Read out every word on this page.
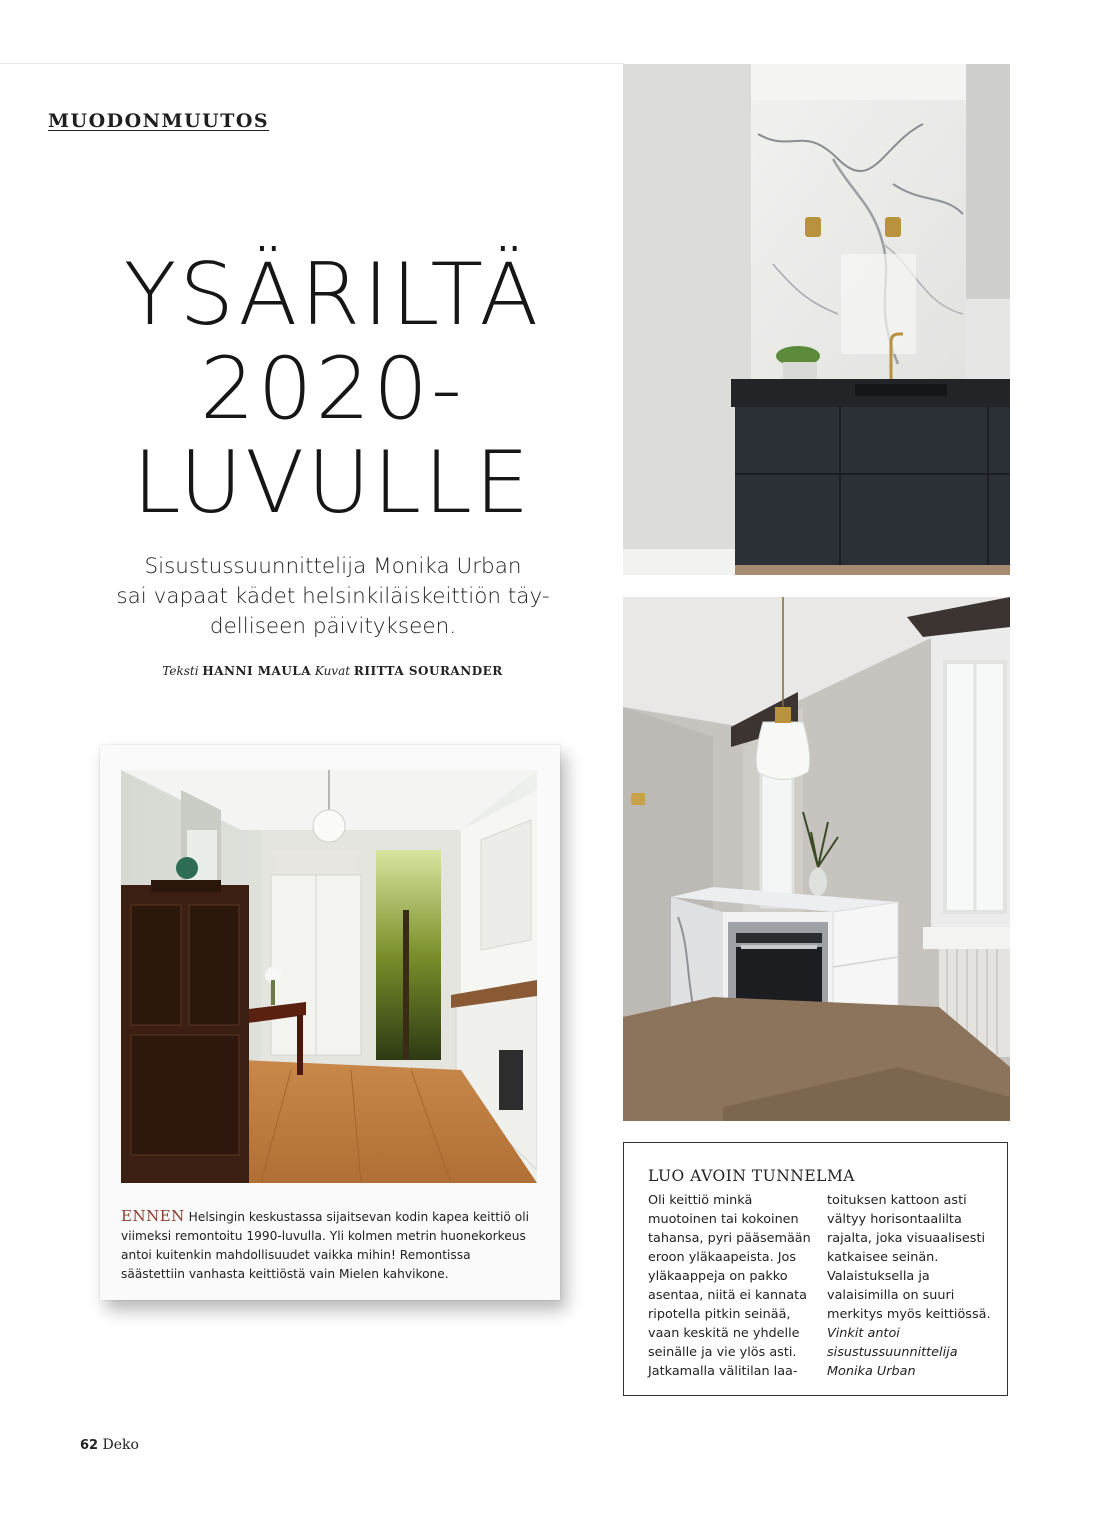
MUODONMUUTOS
YSÄRILTÄ
2020-
LUVULLE

Sisustussuunnittelija Monika Urban
sai vapaat kädet helsinkiläiskeittiön täy-
delliseen päivitykseen.

Teksti HANNI MAULA Kuvat RIITTA SOURANDER

ENNEN Helsingin keskustassa sijaitsevan kodin kapea keittiö oli viimeksi remontoitu 1990-luvulla. Yli kolmen metrin huonekorkeus antoi kuitenkin mahdollisuudet vaikka mihin! Remontissa säästettiin vanhasta keittiöstä vain Mielen kahvikone.

LUO AVOIN TUNNELMA

Oli keittiö minkä muotoinen tai kokoinen tahansa, pyri pääsemään eroon yläkaapeista. Jos yläkaappeja on pakko asentaa, niitä ei kannata ripotella pitkin seinää, vaan keskitä ne yhdelle seinälle ja vie ylös asti. Jatkamalla välitilan laa-

toituksen kattoon asti vältyy horisontaalilta rajalta, joka visuaalisesti katkaisee seinän. Valaistuksella ja valaisimilla on suuri merkitys myös keittiössä.
Vinkit antoi sisustussuunnittelija Monika Urban

62 Deko
